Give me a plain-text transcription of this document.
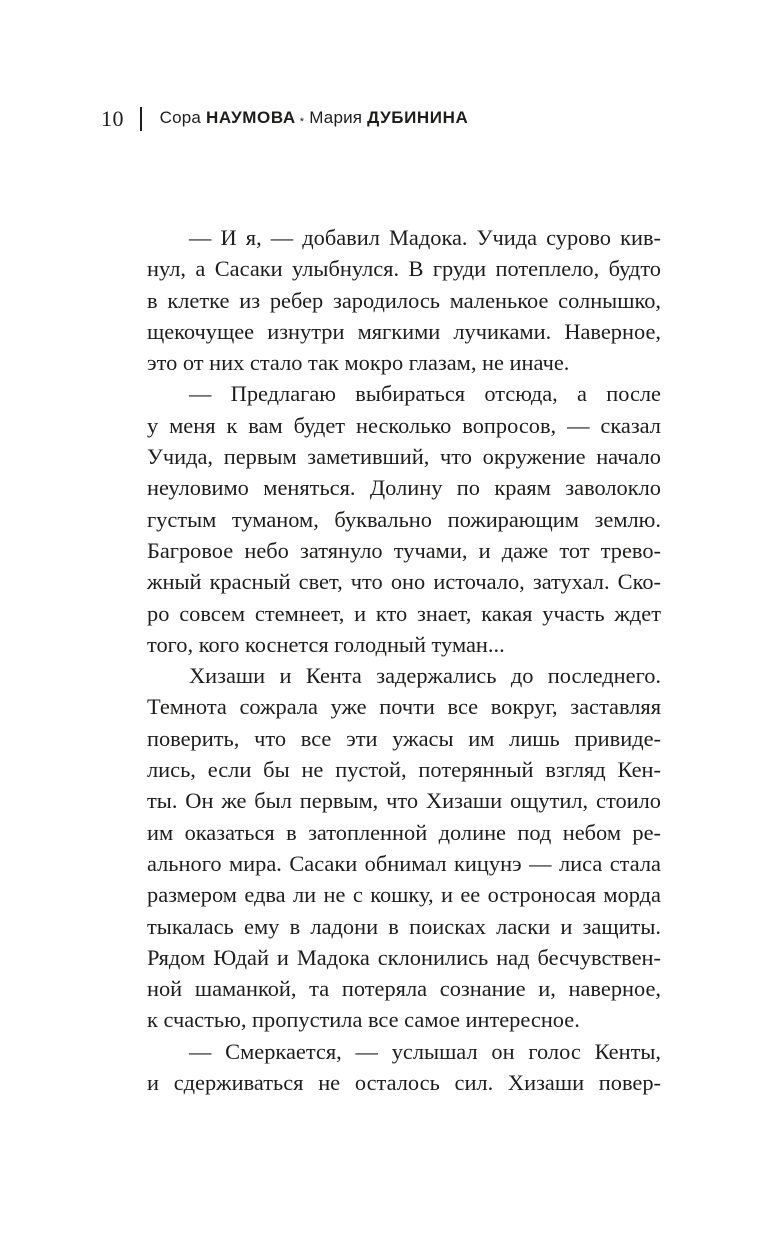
10 Сора НАУМОВА * Мария ДУБИНИНА
— И я, — добавил Мадока. Учида сурово кив-
нул, а Сасаки улыбнулся. В груди потеплело, будто
в клетке из ребер зародилось маленькое солнышко,
щекочущее изнутри мягкими лучиками. Наверное,
это от них стало так мокро глазам, не иначе.
— Предлагаю выбираться отсюда, а после
у меня к вам будет несколько вопросов, — сказал
Учида, первым заметивший, что окружение начало
неуловимо меняться. Долину по краям заволокло
густым туманом, буквально пожирающим землю.
Багровое небо затянуло тучами, и даже тот трево-
жный красный свет, что оно источало, затухал. Ско-
ро совсем стемнеет, и кто знает, какая участь ждет
того, кого коснется голодный туман...
Хизаши и Кента задержались до последнего.
Темнота сожрала уже почти все вокруг, заставляя
поверить, что все эти ужасы им лишь привиде-
лись, если бы не пустой, потерянный взгляд Кен-
ты. Он же был первым, что Хизаши ощутил, стоило
им оказаться в затопленной долине под небом ре-
ального мира. Сасаки обнимал кицунэ — лиса стала
размером едва ли не с кошку, и ее остроносая морда
тыкалась ему в ладони в поисках ласки и защиты.
Рядом Юдай и Мадока склонились над бесчувствен-
ной шаманкой, та потеряла сознание и, наверное,
к счастью, пропустила все самое интересное.
— Смеркается, — услышал он голос Кенты,
и сдерживаться не осталось сил. Хизаши повер-
